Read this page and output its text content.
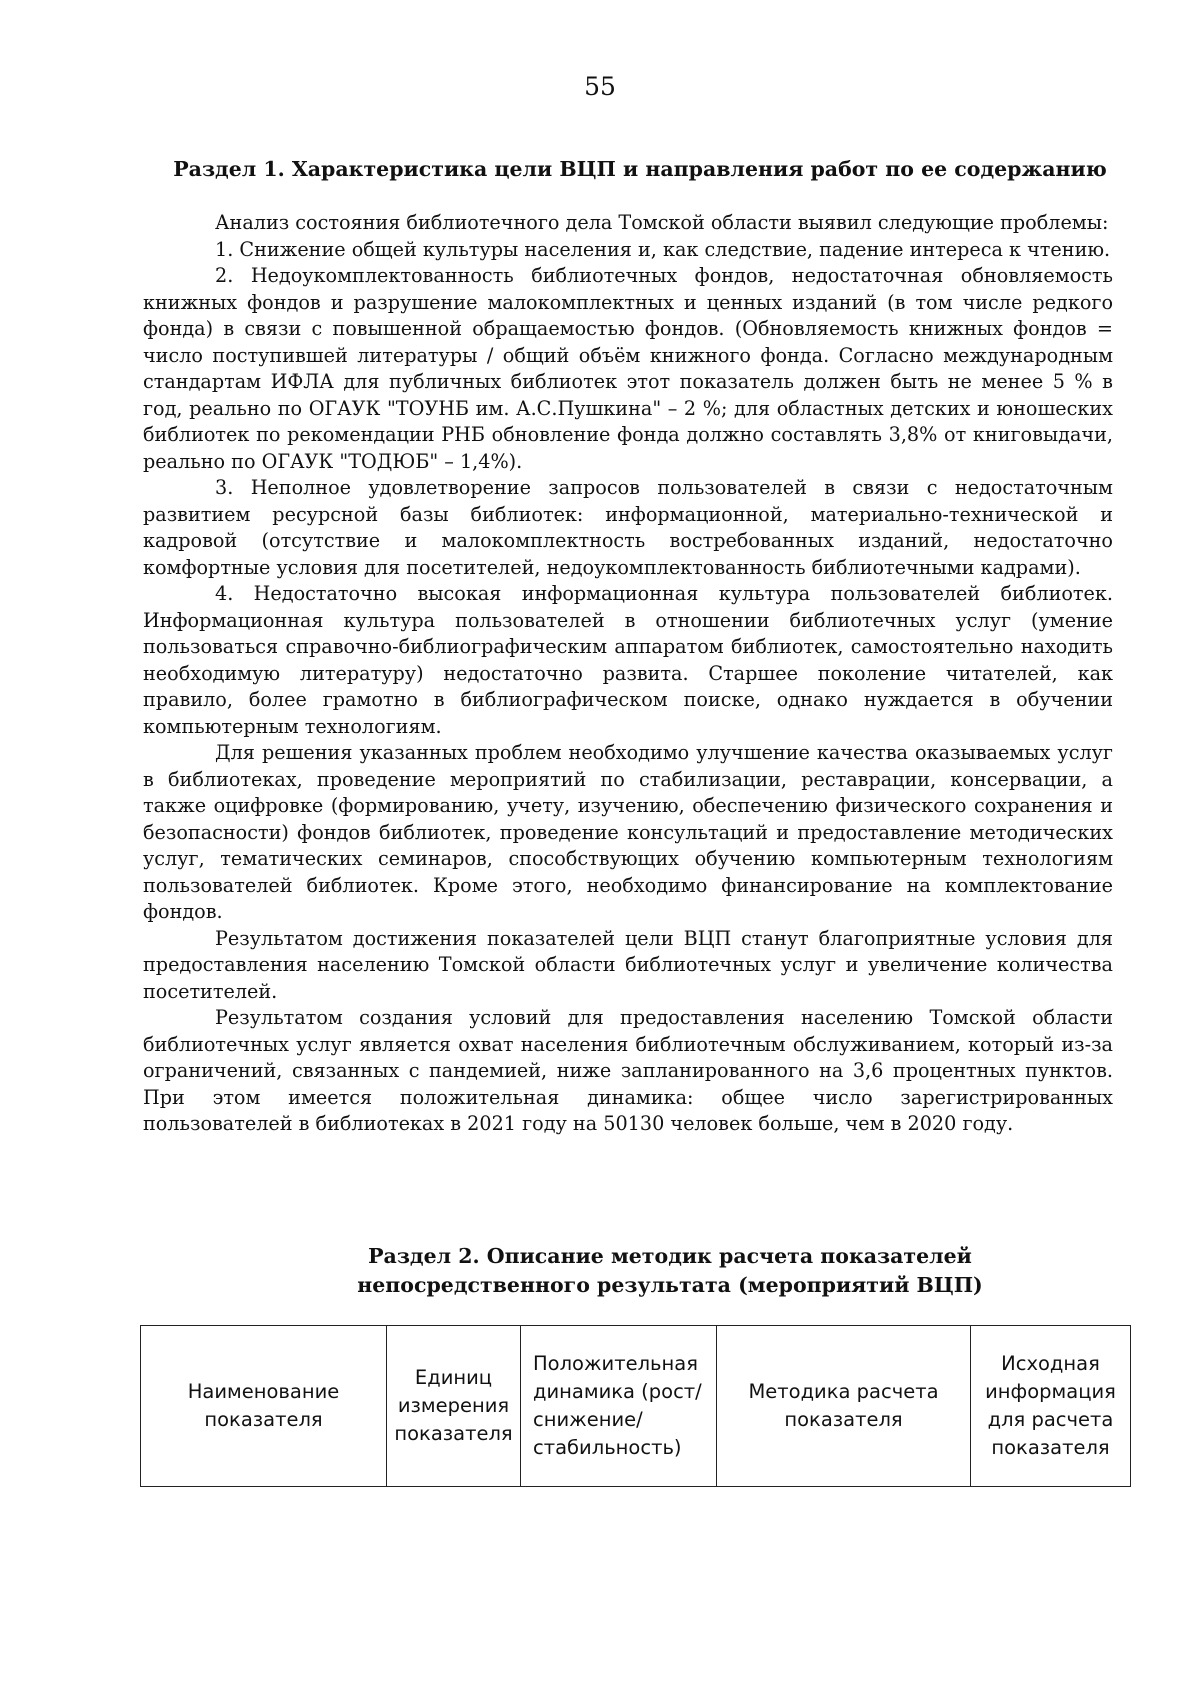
55
Раздел 1. Характеристика цели ВЦП и направления работ по ее содержанию

Анализ состояния библиотечного дела Томской области выявил следующие проблемы:

1. Снижение общей культуры населения и, как следствие, падение интереса к чтению.

2. Недоукомплектованность библиотечных фондов, недостаточная обновляемость книжных фондов и разрушение малокомплектных и ценных изданий (в том числе редкого фонда) в связи с повышенной обращаемостью фондов. (Обновляемость книжных фондов = число поступившей литературы / общий объём книжного фонда. Согласно международным стандартам ИФЛА для публичных библиотек этот показатель должен быть не менее 5 % в год, реально по ОГАУК "ТОУНБ им. А.С.Пушкина" – 2 %; для областных детских и юношеских библиотек по рекомендации РНБ обновление фонда должно составлять 3,8% от книговыдачи, реально по ОГАУК "ТОДЮБ" – 1,4%).

3. Неполное удовлетворение запросов пользователей в связи с недостаточным развитием ресурсной базы библиотек: информационной, материально-технической и кадровой (отсутствие и малокомплектность востребованных изданий, недостаточно комфортные условия для посетителей, недоукомплектованность библиотечными кадрами).

4. Недостаточно высокая информационная культура пользователей библиотек. Информационная культура пользователей в отношении библиотечных услуг (умение пользоваться справочно-библиографическим аппаратом библиотек, самостоятельно находить необходимую литературу) недостаточно развита. Старшее поколение читателей, как правило, более грамотно в библиографическом поиске, однако нуждается в обучении компьютерным технологиям.

Для решения указанных проблем необходимо улучшение качества оказываемых услуг в библиотеках, проведение мероприятий по стабилизации, реставрации, консервации, а также оцифровке (формированию, учету, изучению, обеспечению физического сохранения и безопасности) фондов библиотек, проведение консультаций и предоставление методических услуг, тематических семинаров, способствующих обучению компьютерным технологиям пользователей библиотек. Кроме этого, необходимо финансирование на комплектование фондов.

Результатом достижения показателей цели ВЦП станут благоприятные условия для предоставления населению Томской области библиотечных услуг и увеличение количества посетителей.

Результатом создания условий для предоставления населению Томской области библиотечных услуг является охват населения библиотечным обслуживанием, который из-за ограничений, связанных с пандемией, ниже запланированного на 3,6 процентных пунктов. При этом имеется положительная динамика: общее число зарегистрированных пользователей в библиотеках в 2021 году на 50130 человек больше, чем в 2020 году.

Раздел 2. Описание методик расчета показателей
непосредственного результата (мероприятий ВЦП)
Наименование показателя	Единиц измерения показателя	Положительная динамика (рост/снижение/ стабильность)	Методика расчета показателя	Исходная информация для расчета показателя
